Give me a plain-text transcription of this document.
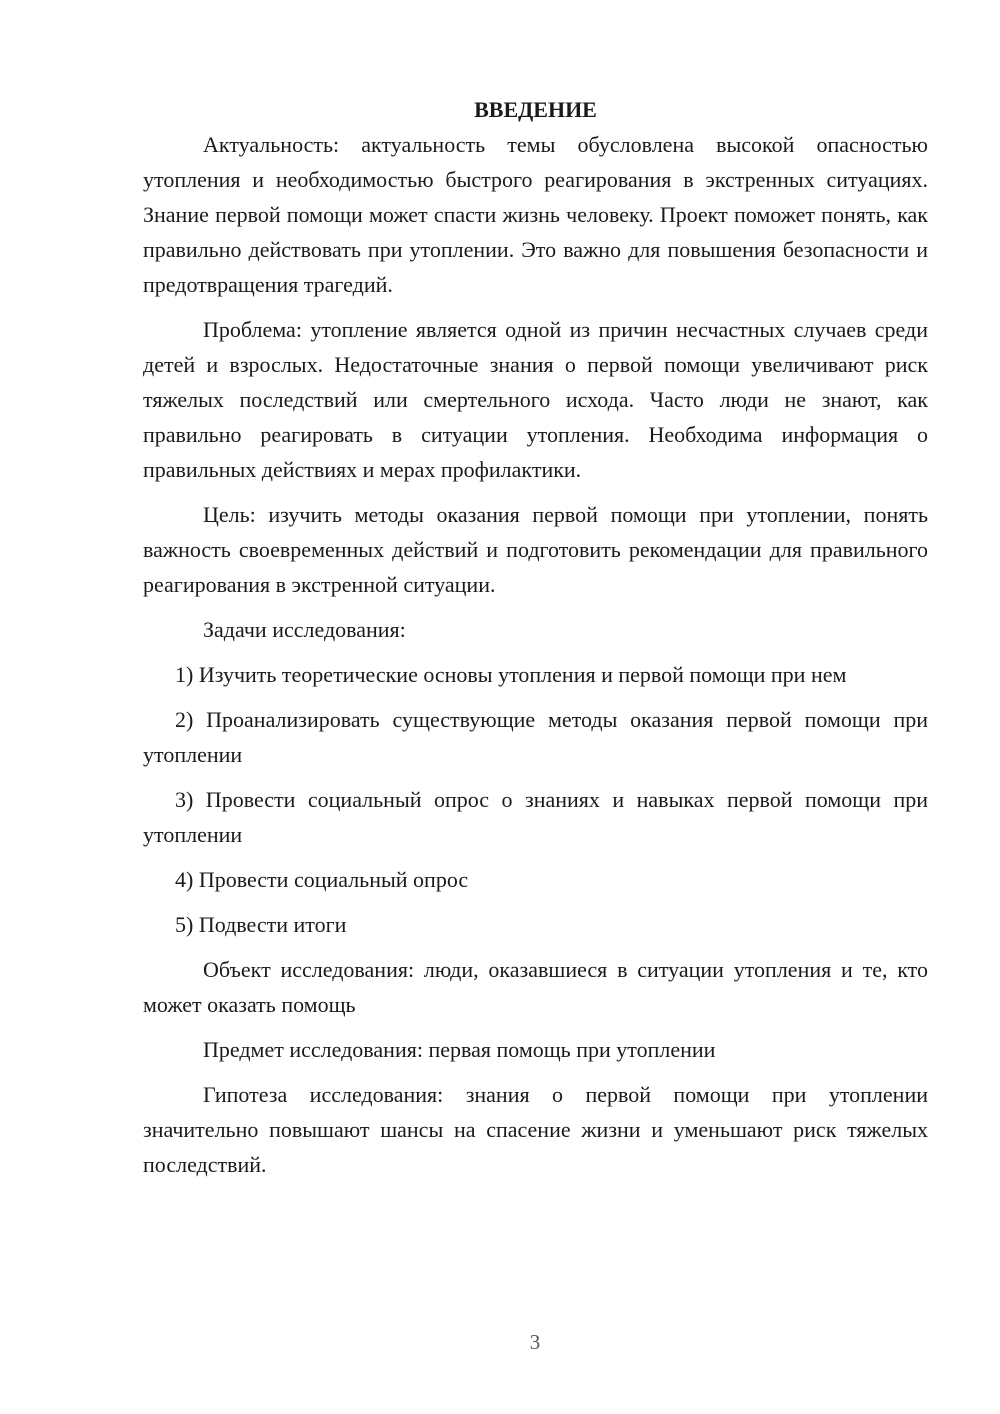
ВВЕДЕНИЕ

Актуальность: актуальность темы обусловлена высокой опасностью утопления и необходимостью быстрого реагирования в экстренных ситуациях. Знание первой помощи может спасти жизнь человеку. Проект поможет понять, как правильно действовать при утоплении. Это важно для повышения безопасности и предотвращения трагедий.

Проблема: утопление является одной из причин несчастных случаев среди детей и взрослых. Недостаточные знания о первой помощи увеличивают риск тяжелых последствий или смертельного исхода. Часто люди не знают, как правильно реагировать в ситуации утопления. Необходима информация о правильных действиях и мерах профилактики.

Цель: изучить методы оказания первой помощи при утоплении, понять важность своевременных действий и подготовить рекомендации для правильного реагирования в экстренной ситуации.

Задачи исследования:

1) Изучить теоретические основы утопления и первой помощи при нем

2) Проанализировать существующие методы оказания первой помощи при утоплении

3) Провести социальный опрос о знаниях и навыках первой помощи при утоплении

4) Провести социальный опрос

5) Подвести итоги

Объект исследования: люди, оказавшиеся в ситуации утопления и те, кто может оказать помощь

Предмет исследования: первая помощь при утоплении

Гипотеза исследования: знания о первой помощи при утоплении значительно повышают шансы на спасение жизни и уменьшают риск тяжелых последствий.

3
